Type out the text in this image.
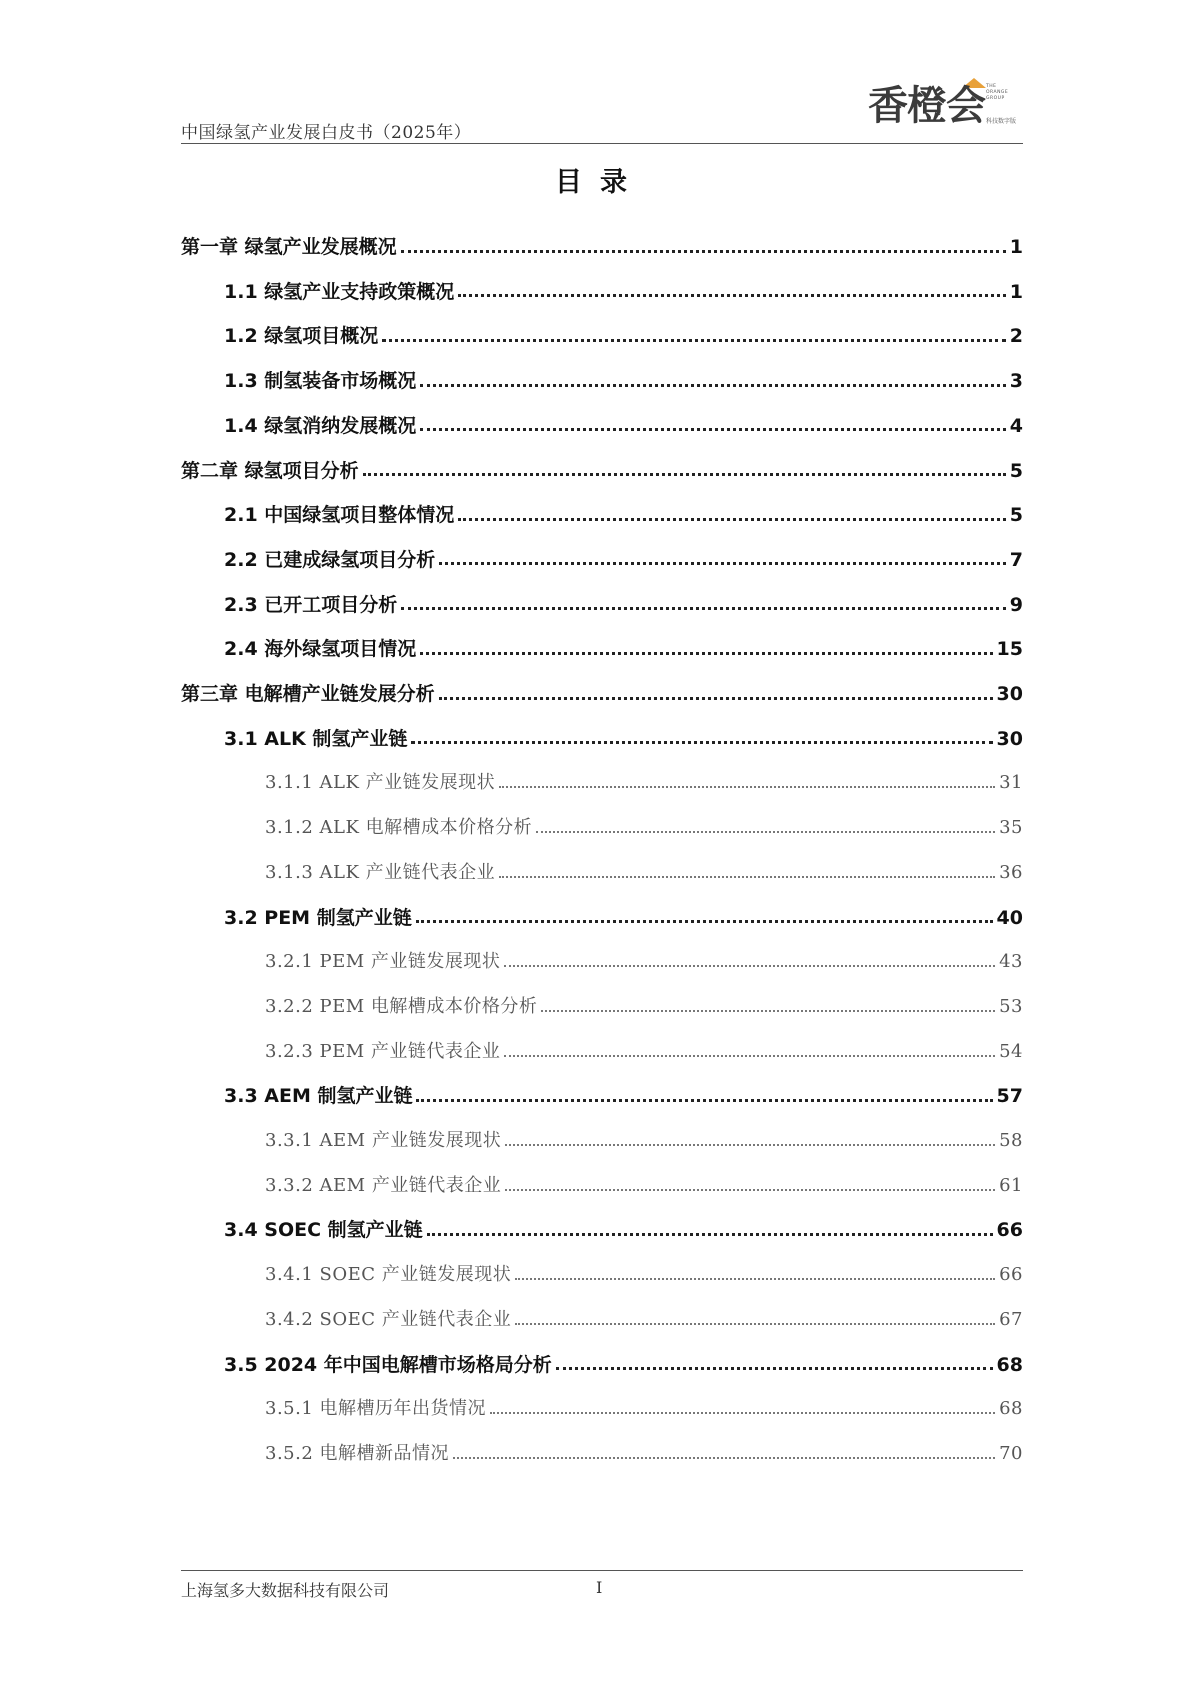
中国绿氢产业发展白皮书（2025年）
香橙会 THE ORANGE GROUP
科技数字版
目录
第一章 绿氢产业发展概况	1
1.1 绿氢产业支持政策概况	1
1.2 绿氢项目概况	2
1.3 制氢装备市场概况	3
1.4 绿氢消纳发展概况	4
第二章 绿氢项目分析	5
2.1 中国绿氢项目整体情况	5
2.2 已建成绿氢项目分析	7
2.3 已开工项目分析	9
2.4 海外绿氢项目情况	15
第三章 电解槽产业链发展分析	30
3.1 ALK 制氢产业链	30
3.1.1 ALK 产业链发展现状	31
3.1.2 ALK 电解槽成本价格分析	35
3.1.3 ALK 产业链代表企业	36
3.2 PEM 制氢产业链	40
3.2.1 PEM 产业链发展现状	43
3.2.2 PEM 电解槽成本价格分析	53
3.2.3 PEM 产业链代表企业	54
3.3 AEM 制氢产业链	57
3.3.1 AEM 产业链发展现状	58
3.3.2 AEM 产业链代表企业	61
3.4 SOEC 制氢产业链	66
3.4.1 SOEC 产业链发展现状	66
3.4.2 SOEC 产业链代表企业	67
3.5 2024 年中国电解槽市场格局分析	68
3.5.1 电解槽历年出货情况	68
3.5.2 电解槽新品情况	70
上海氢多大数据科技有限公司	I
